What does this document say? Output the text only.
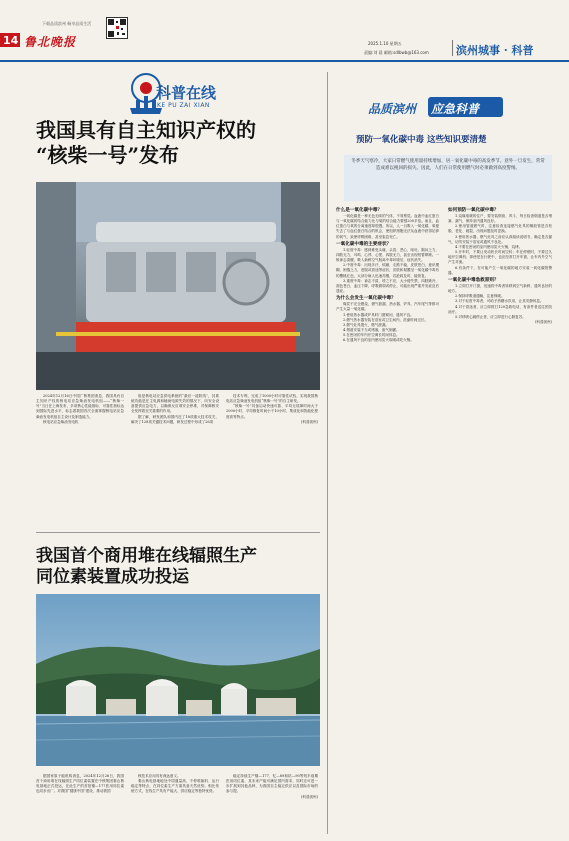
下载品质滨州 畅享品质生活
14 鲁北晚报	2025.1.10 星期五
责编:刘 晨 邮箱:sdlbwb@163.com 滨州城事 · 科普
科普在线
KE PU ZAI XIAN
我国具有自主知识产权的
“核柴一号”发布

2024年12月16日中国广核集团消息，我国具有自主知识产权的核电站应急柴油发电机组——“核柴一号”当日在上海发布，多项核心性能指标、可靠性指标达到国际先进水平，标志着我国首次全面掌握核电站应急柴油发电机组自主设计及制造能力。

核电站应急柴油发电机

组是核电站应急供电系统的“最后一道防线”，其系统功能是在主电源和辅助电源失效的情况下，向安全设备提供应急电力，以确保反应堆安全停堆，对保障核安全发挥着至关重要的作用。

据了解，研发团队和国内近了18项重大技术攻关，解决了128项关键技术问题，研发过程中形成了26项

技术专利，完成了1000小时可靠性试验，实现我国核电站应急柴油发电机组“核柴一号”的自主研发。

“核柴一号”具备启动快速可靠、平均无故障时间大于2000小时、平均修复时间小于10小时、集成化和智能化程度高等特点。

(科普滨州)

我国首个商用堆在线辐照生产
同位素装置成功投运

据国家原子能机构消息，2024年12月26日，我国首个商用堆在线辐照生产同位素装置在中核集团秦山核电基地正式投运，在此生产的首批镥—177医用同位素也同步出厂。对我国“健康中国”建设、推动我国

核技术应用具有深远意义。

秦山核电基地地处中国通量高、不停堆换料、运行稳定等特点，在同位素生产方面具备天然优势。相比传统方式，在线生产具有产能大、供应稳定等独特优势。

稳定持续生产镥—177、钇—89和钴—90等短半衰期医用同位素，其未来产能可满足国内需求，同时还可进一步扩展到其他品种，为我国自主稳定供应以及国际市场的参与提。

(科普滨州)

品质滨州 应急科普
预防一氧化碳中毒 这些知识要清楚
冬季天气寒冷，大家日常燃气使用量持续增加，居一氧化碳中毒的高发季节。意外一旦发生，常常造成难以挽回的损失。因此，人们在日常使用燃气时必须做到高度警惕。
什么是一氧化碳中毒？

一氧化碳是一种无色无味的气体，不易察觉。血液中血红蛋白与一氧化碳的结合能力比与氧的结合能力要强200多倍。而且，血红蛋白与氧的分离速度却很慢。所以，人一旦吸入一氧化碳，氧便失去了与血红蛋白结合的机会，使组织细胞无法从血液中获得足够的氧气，致使呼吸困难，甚至窒息死亡。

一氧化碳中毒的主要症状？

1.轻度中毒：感到难受头痛，头昏、恶心、呕吐，胸闷乏力，四肢无力，耳鸣、心悸、心慌、四肢无力，甚至出现短暂晕厥。一般神志清醒，吸入新鲜空气脱离中毒环境后，症状消失。

2.中度中毒：出现多汗，烦躁，走路不稳，皮肤苍白，意识模糊，困倦乏力，虚脱或昏迷等症状，皮肤和黏膜呈一氧化碳中毒有的樱桃红色，大部分病人迅速苏醒，若抢救及时，能恢复。

3.重度中毒：神志不清，呼之不应，大小便失禁，四肢厥冷，面色苍白，血压下降，呼吸微弱或停止，可能出现严重并发症及后遗症。

为什么会发生一氧化碳中毒？

煤炭不完全燃烧，燃气泄漏，热水器、炉具、汽车尾气等都可产生大量一氧化碳。

1.使用热水器或炉具时门窗紧闭，通风不良。

2.燃气热水器安装在浴室或卫生间内，洗澡时间过长。

3.燃气灶具熄火，燃气泄漏。

4.烟道安装不当或堵塞，废气倒灌。

5.在密闭的车内开空调长时间休息。

6.在通风不良的室内使用炭火取暖或吃火锅。

如何预防一氧化碳中毒？

1.烧煤取暖的住户，要安装烟囱、风斗，每日检查烟道是否堵塞、漏气，保持室内通风良好。

2.使用管道燃气时，注意检查连接燃气灶具的橡胶管是否松脱、老化、破裂，出现问题及时更换。

3.使用热水器、燃气灶具之前应认真阅读说明书，确定是否漏气，切勿安装于浴室或通风不良处。

4.不要在密闭的室内使用炭火火锅、烧烤。

5.开车时，不要让发动机长时间空转；车在停驶时，不要过久地开空调机；即使是在行驶中，也应经常打开车窗，让车内外空气产生对流。

6.有条件下，在可能产生一氧化碳的地方安装一氧化碳报警器。

一氧化碳中毒急救原则？

1.立即打开门窗，迅速将中毒者转移到空气新鲜、通风良好的地方。

2.保持呼吸道通畅，注意保暖。

3.对于轻度中毒者，可给予热糖水饮用，让其安静休息。

4.对于昏迷者，应立即拨打120急救电话，有条件者送往医院治疗。

5.对呼吸心跳停止者，应立即进行心肺复苏。

(科普滨州)
